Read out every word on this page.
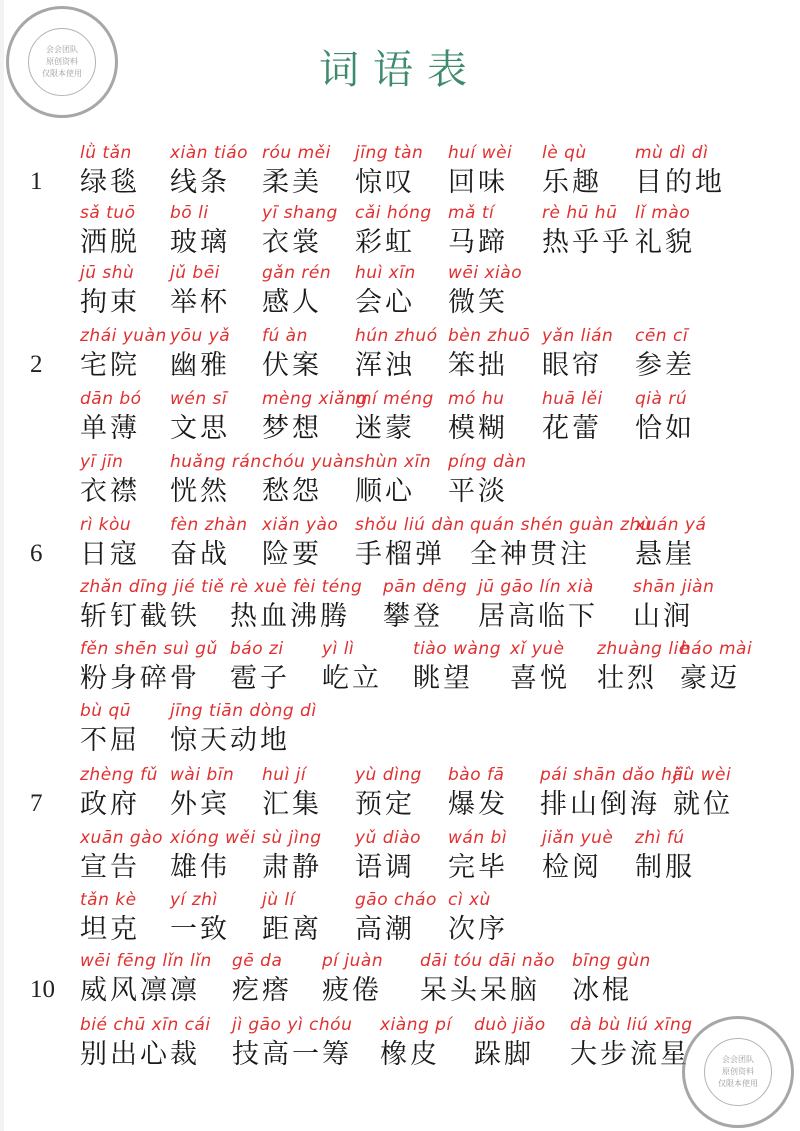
会会团队
原创资料
仅限本使用	词语表
1
lǜ tǎn
绿毯
xiàn tiáo
线条
róu měi
柔美
jīng tàn
惊叹
huí wèi
回味
lè qù
乐趣
mù dì dì
目的地
sǎ tuō
洒脱
bō li
玻璃
yī shang
衣裳
cǎi hóng
彩虹
mǎ tí
马蹄
rè hū hū
热乎乎
lǐ mào
礼貌
jū shù
拘束
jǔ bēi
举杯
gǎn rén
感人
huì xīn
会心
wēi xiào
微笑
2
zhái yuàn
宅院
yōu yǎ
幽雅
fú àn
伏案
hún zhuó
浑浊
bèn zhuō
笨拙
yǎn lián
眼帘
cēn cī
参差
dān bó
单薄
wén sī
文思
mèng xiǎng
梦想
mí méng
迷蒙
mó hu
模糊
huā lěi
花蕾
qià rú
恰如
yī jīn
衣襟
huǎng rán
恍然
chóu yuàn
愁怨
shùn xīn
顺心
píng dàn
平淡
6
rì kòu
日寇
fèn zhàn
奋战
xiǎn yào
险要
shǒu liú dàn
手榴弹
quán shén guàn zhù
全神贯注
xuán yá
悬崖
zhǎn dīng jié tiě
斩钉截铁
rè xuè fèi téng
热血沸腾
pān dēng
攀登
jū gāo lín xià
居高临下
shān jiàn
山涧
fěn shēn suì gǔ
粉身碎骨
báo zi
雹子
yì lì
屹立
tiào wàng
眺望
xǐ yuè
喜悦
zhuàng liè
壮烈
háo mài
豪迈
bù qū
不屈
jīng tiān dòng dì
惊天动地
7
zhèng fǔ
政府
wài bīn
外宾
huì jí
汇集
yù dìng
预定
bào fā
爆发
pái shān dǎo hǎi
排山倒海
jiù wèi
就位
xuān gào
宣告
xióng wěi
雄伟
sù jìng
肃静
yǔ diào
语调
wán bì
完毕
jiǎn yuè
检阅
zhì fú
制服
tǎn kè
坦克
yí zhì
一致
jù lí
距离
gāo cháo
高潮
cì xù
次序
10
wēi fēng lǐn lǐn
威风凛凛
gē da
疙瘩
pí juàn
疲倦
dāi tóu dāi nǎo
呆头呆脑
bīng gùn
冰棍
bié chū xīn cái
别出心裁
jì gāo yì chóu
技高一筹
xiàng pí
橡皮
duò jiǎo
跺脚
dà bù liú xīng
大步流星	会会团队
原创资料
仅限本使用
